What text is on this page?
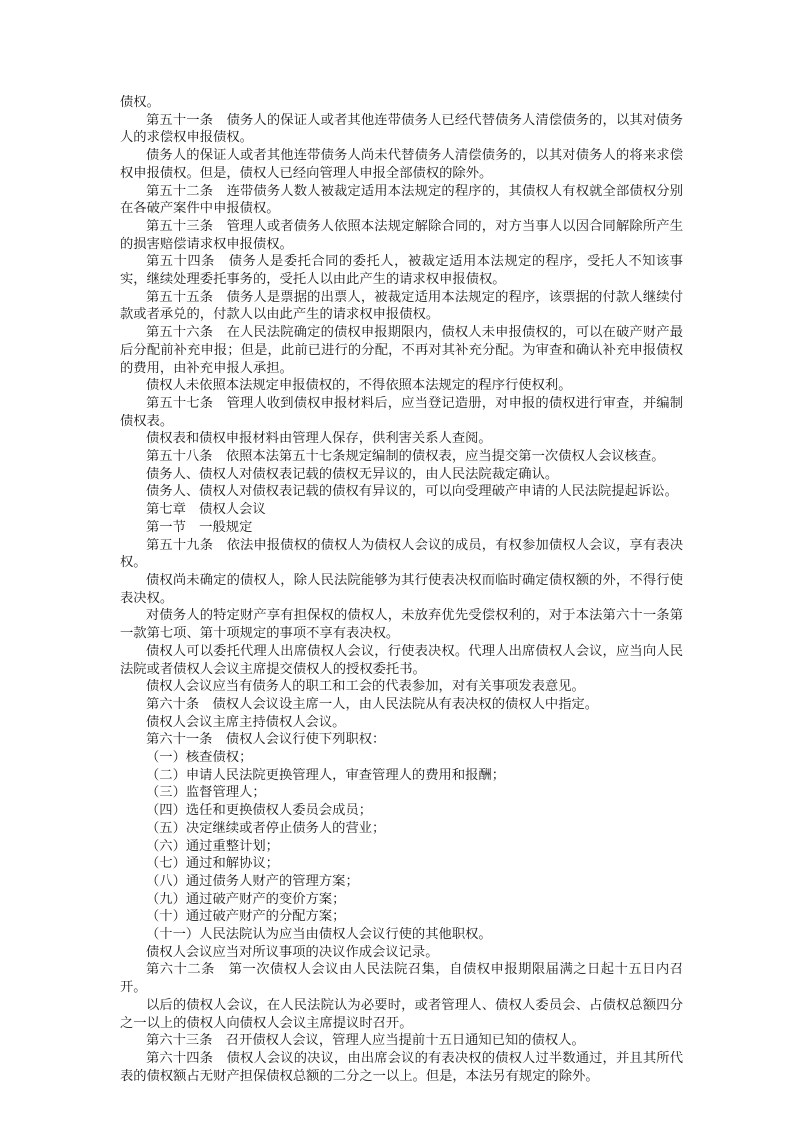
债权。

第五十一条　债务人的保证人或者其他连带债务人已经代替债务人清偿债务的，以其对债务人的求偿权申报债权。

债务人的保证人或者其他连带债务人尚未代替债务人清偿债务的，以其对债务人的将来求偿权申报债权。但是，债权人已经向管理人申报全部债权的除外。

第五十二条　连带债务人数人被裁定适用本法规定的程序的，其债权人有权就全部债权分别在各破产案件中申报债权。

第五十三条　管理人或者债务人依照本法规定解除合同的，对方当事人以因合同解除所产生的损害赔偿请求权申报债权。

第五十四条　债务人是委托合同的委托人，被裁定适用本法规定的程序，受托人不知该事实，继续处理委托事务的，受托人以由此产生的请求权申报债权。

第五十五条　债务人是票据的出票人，被裁定适用本法规定的程序，该票据的付款人继续付款或者承兑的，付款人以由此产生的请求权申报债权。

第五十六条　在人民法院确定的债权申报期限内，债权人未申报债权的，可以在破产财产最后分配前补充申报；但是，此前已进行的分配，不再对其补充分配。为审查和确认补充申报债权的费用，由补充申报人承担。

债权人未依照本法规定申报债权的，不得依照本法规定的程序行使权利。

第五十七条　管理人收到债权申报材料后，应当登记造册，对申报的债权进行审查，并编制债权表。

债权表和债权申报材料由管理人保存，供利害关系人查阅。

第五十八条　依照本法第五十七条规定编制的债权表，应当提交第一次债权人会议核查。

债务人、债权人对债权表记载的债权无异议的，由人民法院裁定确认。

债务人、债权人对债权表记载的债权有异议的，可以向受理破产申请的人民法院提起诉讼。

第七章　债权人会议

第一节　一般规定

第五十九条　依法申报债权的债权人为债权人会议的成员，有权参加债权人会议，享有表决权。

债权尚未确定的债权人，除人民法院能够为其行使表决权而临时确定债权额的外，不得行使表决权。

对债务人的特定财产享有担保权的债权人，未放弃优先受偿权利的，对于本法第六十一条第一款第七项、第十项规定的事项不享有表决权。

债权人可以委托代理人出席债权人会议，行使表决权。代理人出席债权人会议，应当向人民法院或者债权人会议主席提交债权人的授权委托书。

债权人会议应当有债务人的职工和工会的代表参加，对有关事项发表意见。

第六十条　债权人会议设主席一人，由人民法院从有表决权的债权人中指定。

债权人会议主席主持债权人会议。

第六十一条　债权人会议行使下列职权：

（一）核查债权；

（二）申请人民法院更换管理人，审查管理人的费用和报酬；

（三）监督管理人；

（四）选任和更换债权人委员会成员；

（五）决定继续或者停止债务人的营业；

（六）通过重整计划；

（七）通过和解协议；

（八）通过债务人财产的管理方案；

（九）通过破产财产的变价方案；

（十）通过破产财产的分配方案；

（十一）人民法院认为应当由债权人会议行使的其他职权。

债权人会议应当对所议事项的决议作成会议记录。

第六十二条　第一次债权人会议由人民法院召集，自债权申报期限届满之日起十五日内召开。

以后的债权人会议，在人民法院认为必要时，或者管理人、债权人委员会、占债权总额四分之一以上的债权人向债权人会议主席提议时召开。

第六十三条　召开债权人会议，管理人应当提前十五日通知已知的债权人。

第六十四条　债权人会议的决议，由出席会议的有表决权的债权人过半数通过，并且其所代表的债权额占无财产担保债权总额的二分之一以上。但是，本法另有规定的除外。
